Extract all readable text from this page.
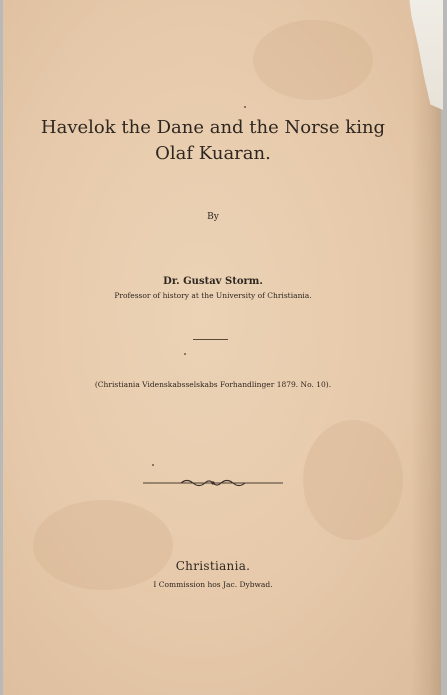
Havelok the Dane and the Norse king
Olaf Kuaran.
By
Dr. Gustav Storm.
Professor of history at the University of Christiania.
(Christiania Videnskabsselskabs Forhandlinger 1879. No. 10).
Christiania.
I Commission hos Jac. Dybwad.
